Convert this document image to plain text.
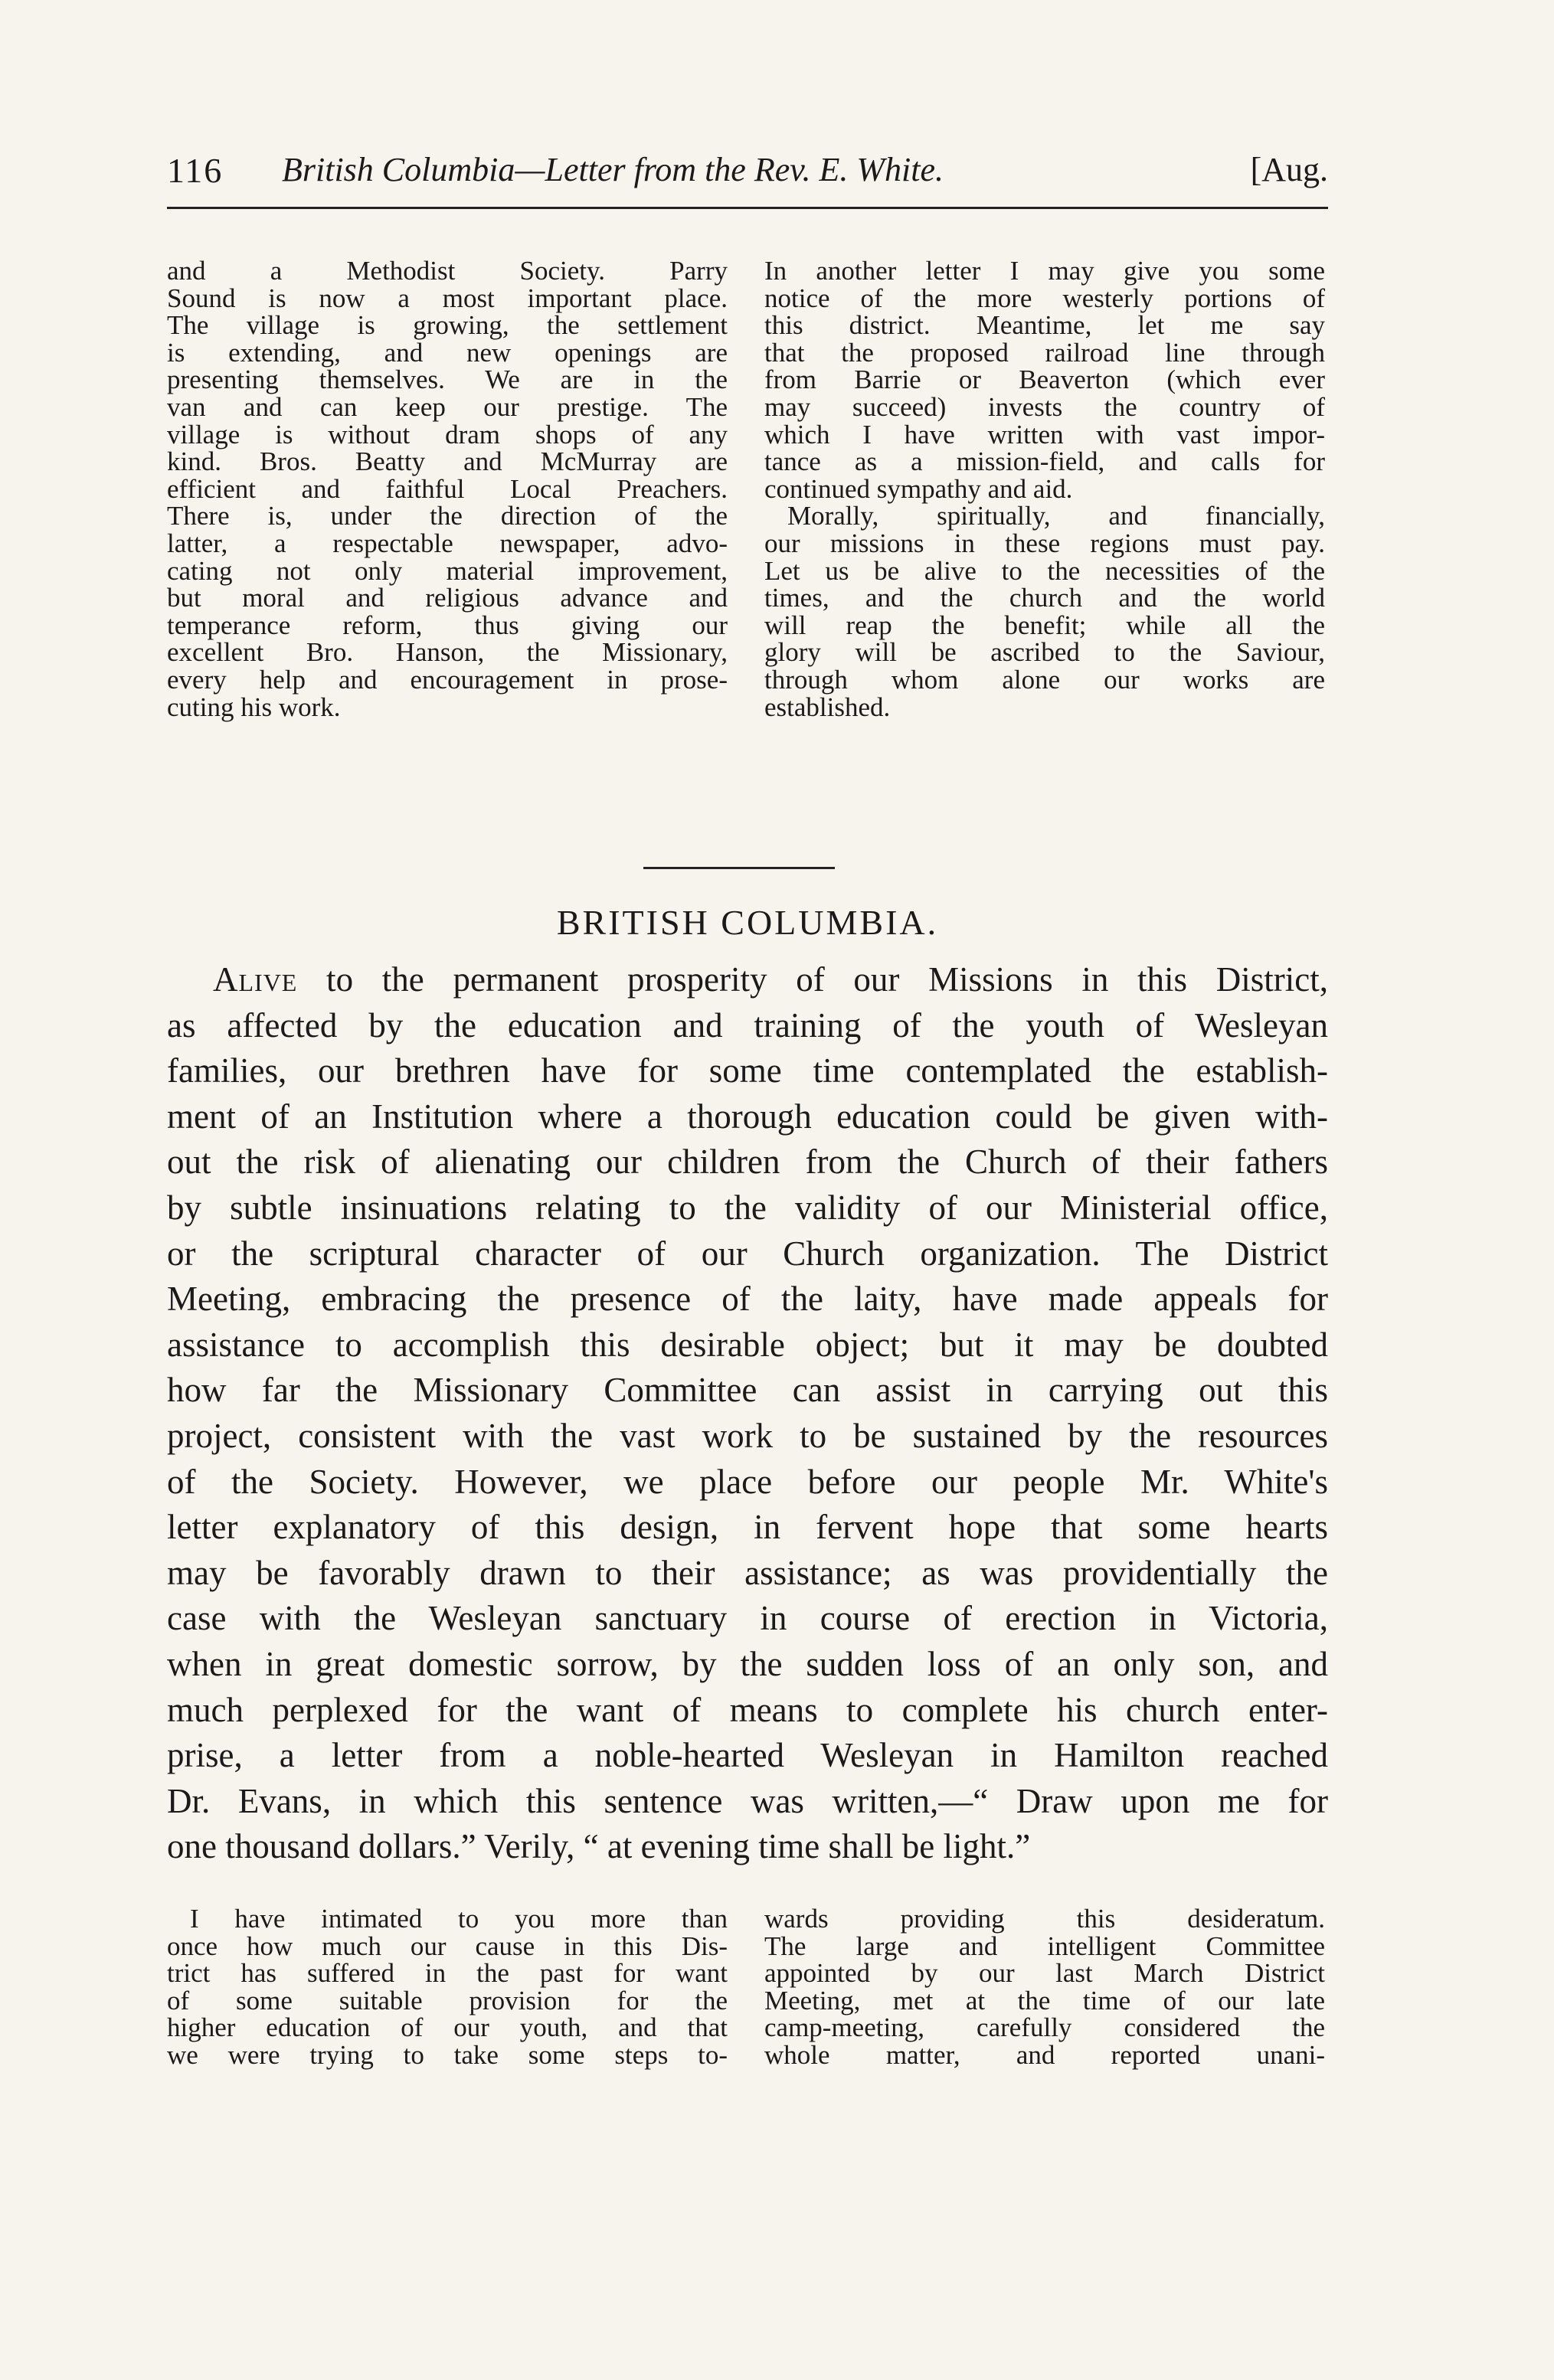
116 British Columbia—Letter from the Rev. E. White.	[Aug.
and a Methodist Society. Parry
Sound is now a most important place.
The village is growing, the settlement
is extending, and new openings are
presenting themselves. We are in the
van and can keep our prestige. The
village is without dram shops of any
kind. Bros. Beatty and McMurray are
efficient and faithful Local Preachers.
There is, under the direction of the
latter, a respectable newspaper, advo-
cating not only material improvement,
but moral and religious advance and
temperance reform, thus giving our
excellent Bro. Hanson, the Missionary,
every help and encouragement in prose-
cuting his work.
In another letter I may give you some
notice of the more westerly portions of
this district. Meantime, let me say
that the proposed railroad line through
from Barrie or Beaverton (which ever
may succeed) invests the country of
which I have written with vast impor-
tance as a mission-field, and calls for
continued sympathy and aid.
Morally, spiritually, and financially,
our missions in these regions must pay.
Let us be alive to the necessities of the
times, and the church and the world
will reap the benefit; while all the
glory will be ascribed to the Saviour,
through whom alone our works are
established.
BRITISH COLUMBIA.
Alive to the permanent prosperity of our Missions in this District,
as affected by the education and training of the youth of Wesleyan
families, our brethren have for some time contemplated the establish-
ment of an Institution where a thorough education could be given with-
out the risk of alienating our children from the Church of their fathers
by subtle insinuations relating to the validity of our Ministerial office,
or the scriptural character of our Church organization. The District
Meeting, embracing the presence of the laity, have made appeals for
assistance to accomplish this desirable object; but it may be doubted
how far the Missionary Committee can assist in carrying out this
project, consistent with the vast work to be sustained by the resources
of the Society. However, we place before our people Mr. White's
letter explanatory of this design, in fervent hope that some hearts
may be favorably drawn to their assistance; as was providentially the
case with the Wesleyan sanctuary in course of erection in Victoria,
when in great domestic sorrow, by the sudden loss of an only son, and
much perplexed for the want of means to complete his church enter-
prise, a letter from a noble-hearted Wesleyan in Hamilton reached
Dr. Evans, in which this sentence was written,—“ Draw upon me for
one thousand dollars.” Verily, “ at evening time shall be light.”
I have intimated to you more than
once how much our cause in this Dis-
trict has suffered in the past for want
of some suitable provision for the
higher education of our youth, and that
we were trying to take some steps to-
wards providing this desideratum.
The large and intelligent Committee
appointed by our last March District
Meeting, met at the time of our late
camp-meeting, carefully considered the
whole matter, and reported unani-
